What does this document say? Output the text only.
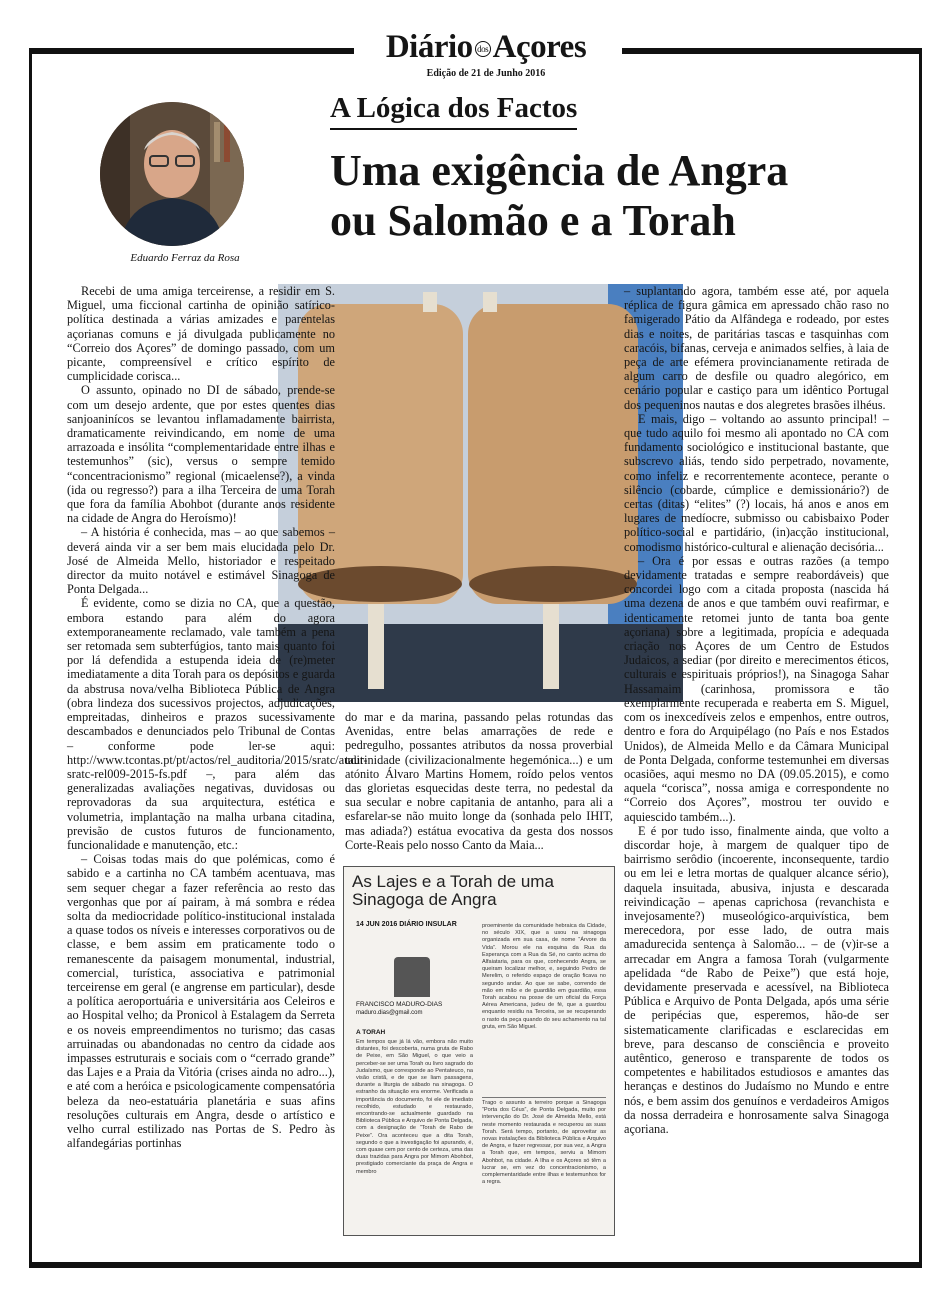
Diário dos Açores
Edição de 21 de Junho 2016
Eduardo Ferraz da Rosa
A Lógica dos Factos
Uma exigência de Angra
ou Salomão e a Torah

Recebi de uma amiga terceirense, a residir em S. Miguel, uma ficcional cartinha de opinião satírico-política destinada a várias amizades e parentelas açorianas comuns e já divulgada publicamente no “Correio dos Açores” de domingo passado, com um picante, compreensível e crítico espírito de cumplicidade corisca...

O assunto, opinado no DI de sábado, prende-se com um desejo ardente, que por estes quentes dias sanjoaninícos se levantou inflamadamente bairrista, dramaticamente reivindicando, em nome de uma arrazoada e insólita “complementaridade entre ilhas e testemunhos” (sic), versus o sempre temido “concentracionismo” regional (micaelense?), a vinda (ida ou regresso?) para a ilha Terceira de uma Torah que fora da família Abohbot (durante anos residente na cidade de Angra do Heroísmo)!

– A história é conhecida, mas – ao que sabemos – deverá ainda vir a ser bem mais elucidada pelo Dr. José de Almeida Mello, historiador e respeitado director da muito notável e estimável Sinagoga de Ponta Delgada...

É evidente, como se dizia no CA, que a questão, embora estando para além do agora extemporaneamente reclamado, vale também a pena ser retomada sem subterfúgios, tanto mais quanto foi por lá defendida a estupenda ideia de (re)meter imediatamente a dita Torah para os depósitos e guarda da abstrusa nova/velha Biblioteca Pública de Angra (obra lindeza dos sucessivos projectos, adjudicações, empreitadas, dinheiros e prazos sucessivamente descambados e denunciados pelo Tribunal de Contas – conforme pode ler-se aqui: http://www.tcontas.pt/pt/actos/rel_auditoria/2015/sratc/audit-sratc-rel009-2015-fs.pdf –, para além das generalizadas avaliações negativas, duvidosas ou reprovadoras da sua arquitectura, estética e volumetria, implantação na malha urbana citadina, previsão de custos futuros de funcionamento, funcionalidade e manutenção, etc.:

– Coisas todas mais do que polémicas, como é sabido e a cartinha no CA também acentuava, mas sem sequer chegar a fazer referência ao resto das vergonhas que por aí pairam, à má sombra e rédea solta da mediocridade político-institucional instalada a quase todos os níveis e interesses corporativos ou de classe, e bem assim em praticamente todo o remanescente da paisagem monumental, industrial, comercial, turística, associativa e patrimonial terceirense em geral (e angrense em particular), desde a política aeroportuária e universitária aos Celeiros e ao Hospital velho; da Pronicol à Estalagem da Serreta e os noveis empreendimentos no turismo; das casas arruinadas ou abandonadas no centro da cidade aos impasses estruturais e sociais com o “cerrado grande” das Lajes e a Praia da Vitória (crises ainda no adro...), e até com a heróica e psicologicamente compensatória beleza da neo-estatuária planetária e suas afins resoluções culturais em Angra, desde o artístico e velho curral estilizado nas Portas de S. Pedro às alfandegárias portinhas

do mar e da marina, passando pelas rotundas das Avenidas, entre belas amarrações de rede e pedregulho, possantes atributos da nossa proverbial taurinidade (civilizacionalmente hegemónica...) e um atónito Álvaro Martins Homem, roído pelos ventos das glorietas esquecidas deste terra, no pedestal da sua secular e nobre capitania de antanho, para ali a esfarelar-se não muito longe da (sonhada pelo IHIT, mas adiada?) estátua evocativa da gesta dos nossos Corte-Reais pelo nosso Canto da Maia...

– suplantando agora, também esse até, por aquela réplica de figura gâmica em apressado chão raso no famigerado Pátio da Alfândega e rodeado, por estes dias e noites, de paritárias tascas e tasquinhas com caracóis, bifanas, cerveja e animados selfies, à laia de peça de arte efémera provincianamente retirada de algum carro de desfile ou quadro alegórico, em cenário popular e castiço para um idêntico Portugal dos pequeninos nautas e dos alegretes brasões ilhéus.

E mais, digo – voltando ao assunto principal! – que tudo aquilo foi mesmo ali apontado no CA com fundamento sociológico e institucional bastante, que subscrevo aliás, tendo sido perpetrado, novamente, como infeliz e recorrentemente acontece, perante o silêncio (cobarde, cúmplice e demissionário?) de certas (ditas) “elites” (?) locais, há anos e anos em lugares de medíocre, submisso ou cabisbaixo Poder político-social e partidário, (in)acção institucional, comodismo histórico-cultural e alienação decisória...

– Ora é por essas e outras razões (a tempo devidamente tratadas e sempre reabordáveis) que concordei logo com a citada proposta (nascida há uma dezena de anos e que também ouvi reafirmar, e identicamente retomei junto de tanta boa gente açoriana) sobre a legitimada, propícia e adequada criação nos Açores de um Centro de Estudos Judaicos, a sediar (por direito e merecimentos éticos, culturais e espirituais próprios!), na Sinagoga Sahar Hassamaim (carinhosa, promissora e tão exemplarmente recuperada e reaberta em S. Miguel, com os inexcedíveis zelos e empenhos, entre outros, dentro e fora do Arquipélago (no País e nos Estados Unidos), de Almeida Mello e da Câmara Municipal de Ponta Delgada, conforme testemunhei em diversas ocasiões, aqui mesmo no DA (09.05.2015), e como aquela “corisca”, nossa amiga e correspondente no “Correio dos Açores”, mostrou ter ouvido e aquiescido também...).

E é por tudo isso, finalmente ainda, que volto a discordar hoje, à margem de qualquer tipo de bairrismo serôdio (incoerente, inconsequente, tardio ou em lei e letra mortas de qualquer alcance sério), daquela insuitada, abusiva, injusta e descarada reivindicação – apenas caprichosa (revanchista e invejosamente?) museológico-arquivística, bem merecedora, por esse lado, de outra mais amadurecida sentença à Salomão... – de (v)ir-se a arrecadar em Angra a famosa Torah (vulgarmente apelidada “de Rabo de Peixe”) que está hoje, devidamente preservada e acessível, na Biblioteca Pública e Arquivo de Ponta Delgada, após uma série de peripécias que, esperemos, hão-de ser sistematicamente clarificadas e esclarecidas em breve, para descanso de consciência e proveito autêntico, generoso e transparente de todos os competentes e habilitados estudiosos e amantes das heranças e destinos do Judaísmo no Mundo e entre nós, e bem assim dos genuínos e verdadeiros Amigos da nossa derradeira e honrosamente salva Sinagoga açoriana.

As Lajes e a Torah de uma Sinagoga de Angra
14 JUN 2016 DIÁRIO INSULAR
FRANCISCO MADURO-DIAS
maduro.dias@gmail.com
A TORAH
Em tempos que já lá vão, embora não muito distantes, foi descoberta, numa gruta de Rabo de Peixe, em São Miguel, o que veio a perceber-se ser uma Torah ou livro sagrado do Judaísmo, que corresponde ao Pentateuco, na visão cristã, e de que se liam passagens, durante a liturgia de sábado na sinagoga. O estranho da situação era enorme. Verificada a importância do documento, foi ele de imediato recolhido, estudado e restaurado, encontrando-se actualmente guardado na Biblioteca Pública e Arquivo de Ponta Delgada, com a designação de “Torah de Rabo de Peixe”. Ora aconteceu que a dita Torah, segundo o que a investigação foi apurando, é, com quase cem por cento de certeza, uma das duas trazidas para Angra por Mimom Abohbot, prestigiado comerciante da praça de Angra e membro
proeminente da comunidade hebraica da Cidade, no século XIX, que a usou na sinagoga organizada em sua casa, de nome “Árvore da Vida”. Morou ele na esquina da Rua da Esperança com a Rua da Sé, no canto acima do Alfaiataria, para os que, conhecendo Angra, se queiram localizar melhor, e, seguindo Pedro de Merelim, o referido espaço de oração ficava no segundo andar. Ao que se sabe, correndo de mão em mão e de guardião em guardião, essa Torah acabou na posse de um oficial da Força Aérea Americana, judeu de fé, que a guardou enquanto residiu na Terceira, se se recuperando o rasto da peça quando do seu achamento na tal gruta, em São Miguel.
Trago o assunto a terreiro porque a Sinagoga “Porta dos Céus”, de Ponta Delgada, muito por intervenção do Dr. José de Almeida Mello, está neste momento restaurada e recuperou as suas Torah. Será tempo, portanto, de aproveitar as novas instalações da Biblioteca Pública e Arquivo de Angra, e fazer regressar, por sua vez, a Angra a Torah que, em tempos, serviu a Mimom Abohbot, na cidade. A Ilha e os Açores só têm a lucrar se, em vez do concentracionismo, a complementaridade entre ilhas e testemunhos for a regra.
